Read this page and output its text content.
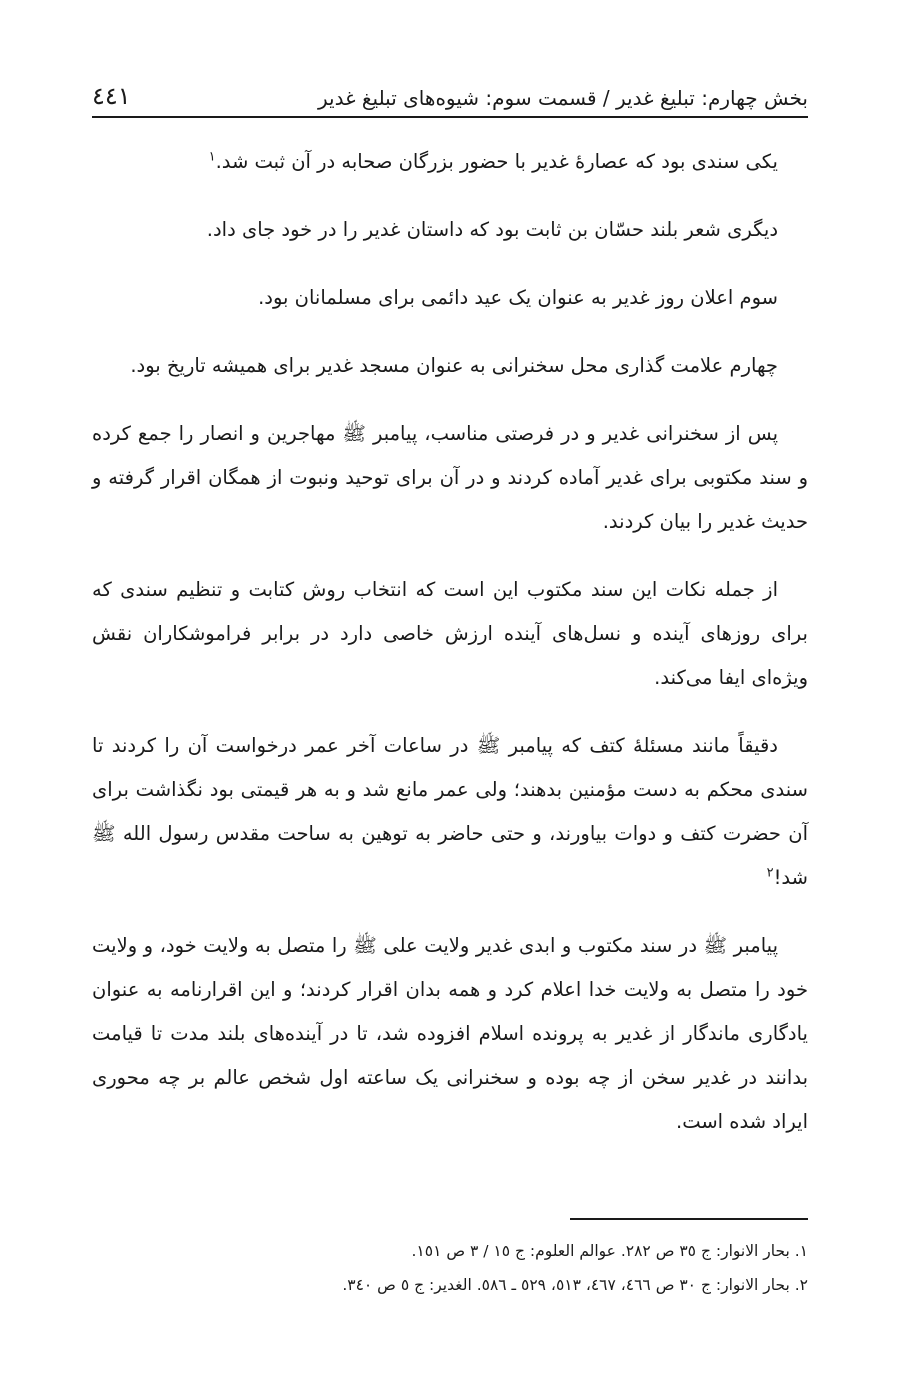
بخش چهارم: تبلیغ غدیر / قسمت سوم: شیوه‌های تبلیغ غدیر
٤٤١

یکی سندی بود که عصارۀ غدیر با حضور بزرگان صحابه در آن ثبت شد.$^١$

دیگری شعر بلند حسّان بن ثابت بود که داستان غدیر را در خود جای داد.

سوم اعلان روز غدیر به عنوان یک عید دائمی برای مسلمانان بود.

چهارم علامت گذاری محل سخنرانی به عنوان مسجد غدیر برای همیشه تاریخ بود.

پس از سخنرانی غدیر و در فرصتی مناسب، پیامبر ﷺ مهاجرین و انصار را جمع کرده و سند مکتوبی برای غدیر آماده کردند و در آن برای توحید ونبوت از همگان اقرار گرفته و حدیث غدیر را بیان کردند.

از جمله نکات این سند مکتوب این است که انتخاب روش کتابت و تنظیم سندی که برای روزهای آینده و نسل‌های آینده ارزش خاصی دارد در برابر فراموشکاران نقش ویژه‌ای ایفا می‌کند.

دقیقاً مانند مسئلۀ کتف که پیامبر ﷺ در ساعات آخر عمر درخواست آن را کردند تا سندی محکم به دست مؤمنین بدهند؛ ولی عمر مانع شد و به هر قیمتی بود نگذاشت برای آن حضرت کتف و دوات بیاورند، و حتی حاضر به توهین به ساحت مقدس رسول الله ﷺ شد!$^٢$

پیامبر ﷺ در سند مکتوب و ابدی غدیر ولایت علی ﷺ را متصل به ولایت خود، و ولایت خود را متصل به ولایت خدا اعلام کرد و همه بدان اقرار کردند؛ و این اقرارنامه به عنوان یادگاری ماندگار از غدیر به پرونده اسلام افزوده شد، تا در آینده‌های بلند مدت تا قیامت بدانند در غدیر سخن از چه بوده و سخنرانی یک ساعته اول شخص عالم بر چه محوری ایراد شده است.

١. بحار الانوار: ج ٣٥ ص ٢٨٢. عوالم العلوم: ج ١٥ / ٣ ص ١٥١.
٢. بحار الانوار: ج ٣٠ ص ٤٦٦، ٤٦٧، ٥١٣، ٥٢٩ ـ ٥٨٦. الغدیر: ج ٥ ص ٣٤٠.
